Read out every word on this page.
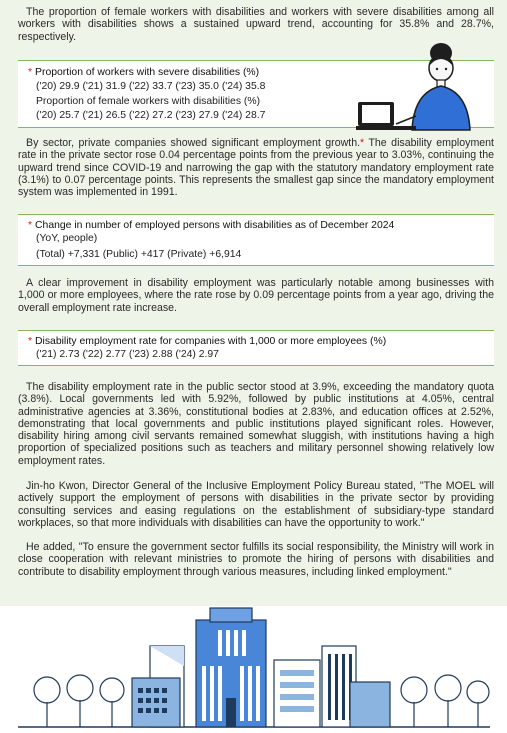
The proportion of female workers with disabilities and workers with severe disabilities among all workers with disabilities shows a sustained upward trend, accounting for 35.8% and 28.7%, respectively.

* Proportion of workers with severe disabilities (%)
('20) 29.9 ('21) 31.9 ('22) 33.7 ('23) 35.0 ('24) 35.8
Proportion of female workers with disabilities (%)
('20) 25.7 ('21) 26.5 ('22) 27.2 ('23) 27.9 ('24) 28.7

By sector, private companies showed significant employment growth.* The disability employment rate in the private sector rose 0.04 percentage points from the previous year to 3.03%, continuing the upward trend since COVID-19 and narrowing the gap with the statutory mandatory employment rate (3.1%) to 0.07 percentage points. This represents the smallest gap since the mandatory employment system was implemented in 1991.

* Change in number of employed persons with disabilities as of December 2024
(YoY, people)
(Total) +7,331 (Public) +417 (Private) +6,914

A clear improvement in disability employment was particularly notable among businesses with 1,000 or more employees, where the rate rose by 0.09 percentage points from a year ago, driving the overall employment rate increase.

* Disability employment rate for companies with 1,000 or more employees (%)
('21) 2.73 ('22) 2.77 ('23) 2.88 ('24) 2.97

The disability employment rate in the public sector stood at 3.9%, exceeding the mandatory quota (3.8%). Local governments led with 5.92%, followed by public institutions at 4.05%, central administrative agencies at 3.36%, constitutional bodies at 2.83%, and education offices at 2.52%, demonstrating that local governments and public institutions played significant roles. However, disability hiring among civil servants remained somewhat sluggish, with institutions having a high proportion of specialized positions such as teachers and military personnel showing relatively low employment rates.

Jin-ho Kwon, Director General of the Inclusive Employment Policy Bureau stated, "The MOEL will actively support the employment of persons with disabilities in the private sector by providing consulting services and easing regulations on the establishment of subsidiary-type standard workplaces, so that more individuals with disabilities can have the opportunity to work."

He added, "To ensure the government sector fulfills its social responsibility, the Ministry will work in close cooperation with relevant ministries to promote the hiring of persons with disabilities and contribute to disability employment through various measures, including linked employment."
